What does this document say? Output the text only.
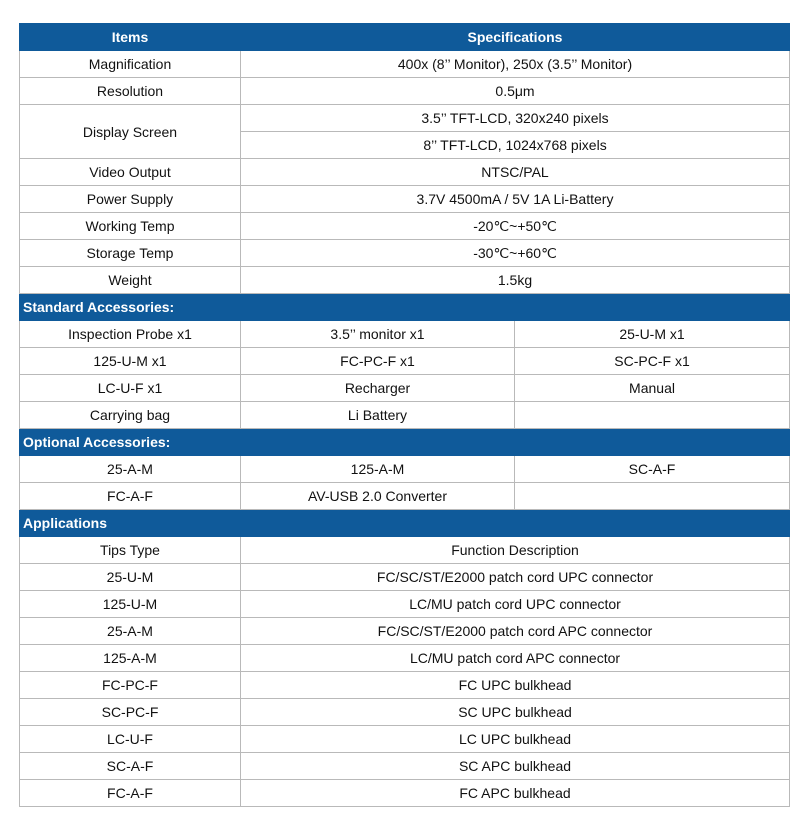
Items	Specifications	
Magnification	400x (8’’ Monitor), 250x (3.5’’ Monitor)	
Resolution	0.5μm	
Display Screen	3.5’’ TFT-LCD, 320x240 pixels	
	8’’ TFT-LCD, 1024x768 pixels	
Video Output	NTSC/PAL	
Power Supply	3.7V 4500mA / 5V 1A Li-Battery	
Working Temp	-20℃~+50℃	
Storage Temp	-30℃~+60℃	
Weight	1.5kg	
Standard Accessories:		
Inspection Probe x1	3.5’’ monitor x1	25-U-M x1
125-U-M x1	FC-PC-F x1	SC-PC-F x1
LC-U-F x1	Recharger	Manual
Carrying bag	Li Battery	
Optional Accessories:		
25-A-M	125-A-M	SC-A-F
FC-A-F	AV-USB 2.0 Converter	
Applications		
Tips Type	Function Description	
25-U-M	FC/SC/ST/E2000 patch cord UPC connector	
125-U-M	LC/MU patch cord UPC connector	
25-A-M	FC/SC/ST/E2000 patch cord APC connector	
125-A-M	LC/MU patch cord APC connector	
FC-PC-F	FC UPC bulkhead	
SC-PC-F	SC UPC bulkhead	
LC-U-F	LC UPC bulkhead	
SC-A-F	SC APC bulkhead	
FC-A-F	FC APC bulkhead	
